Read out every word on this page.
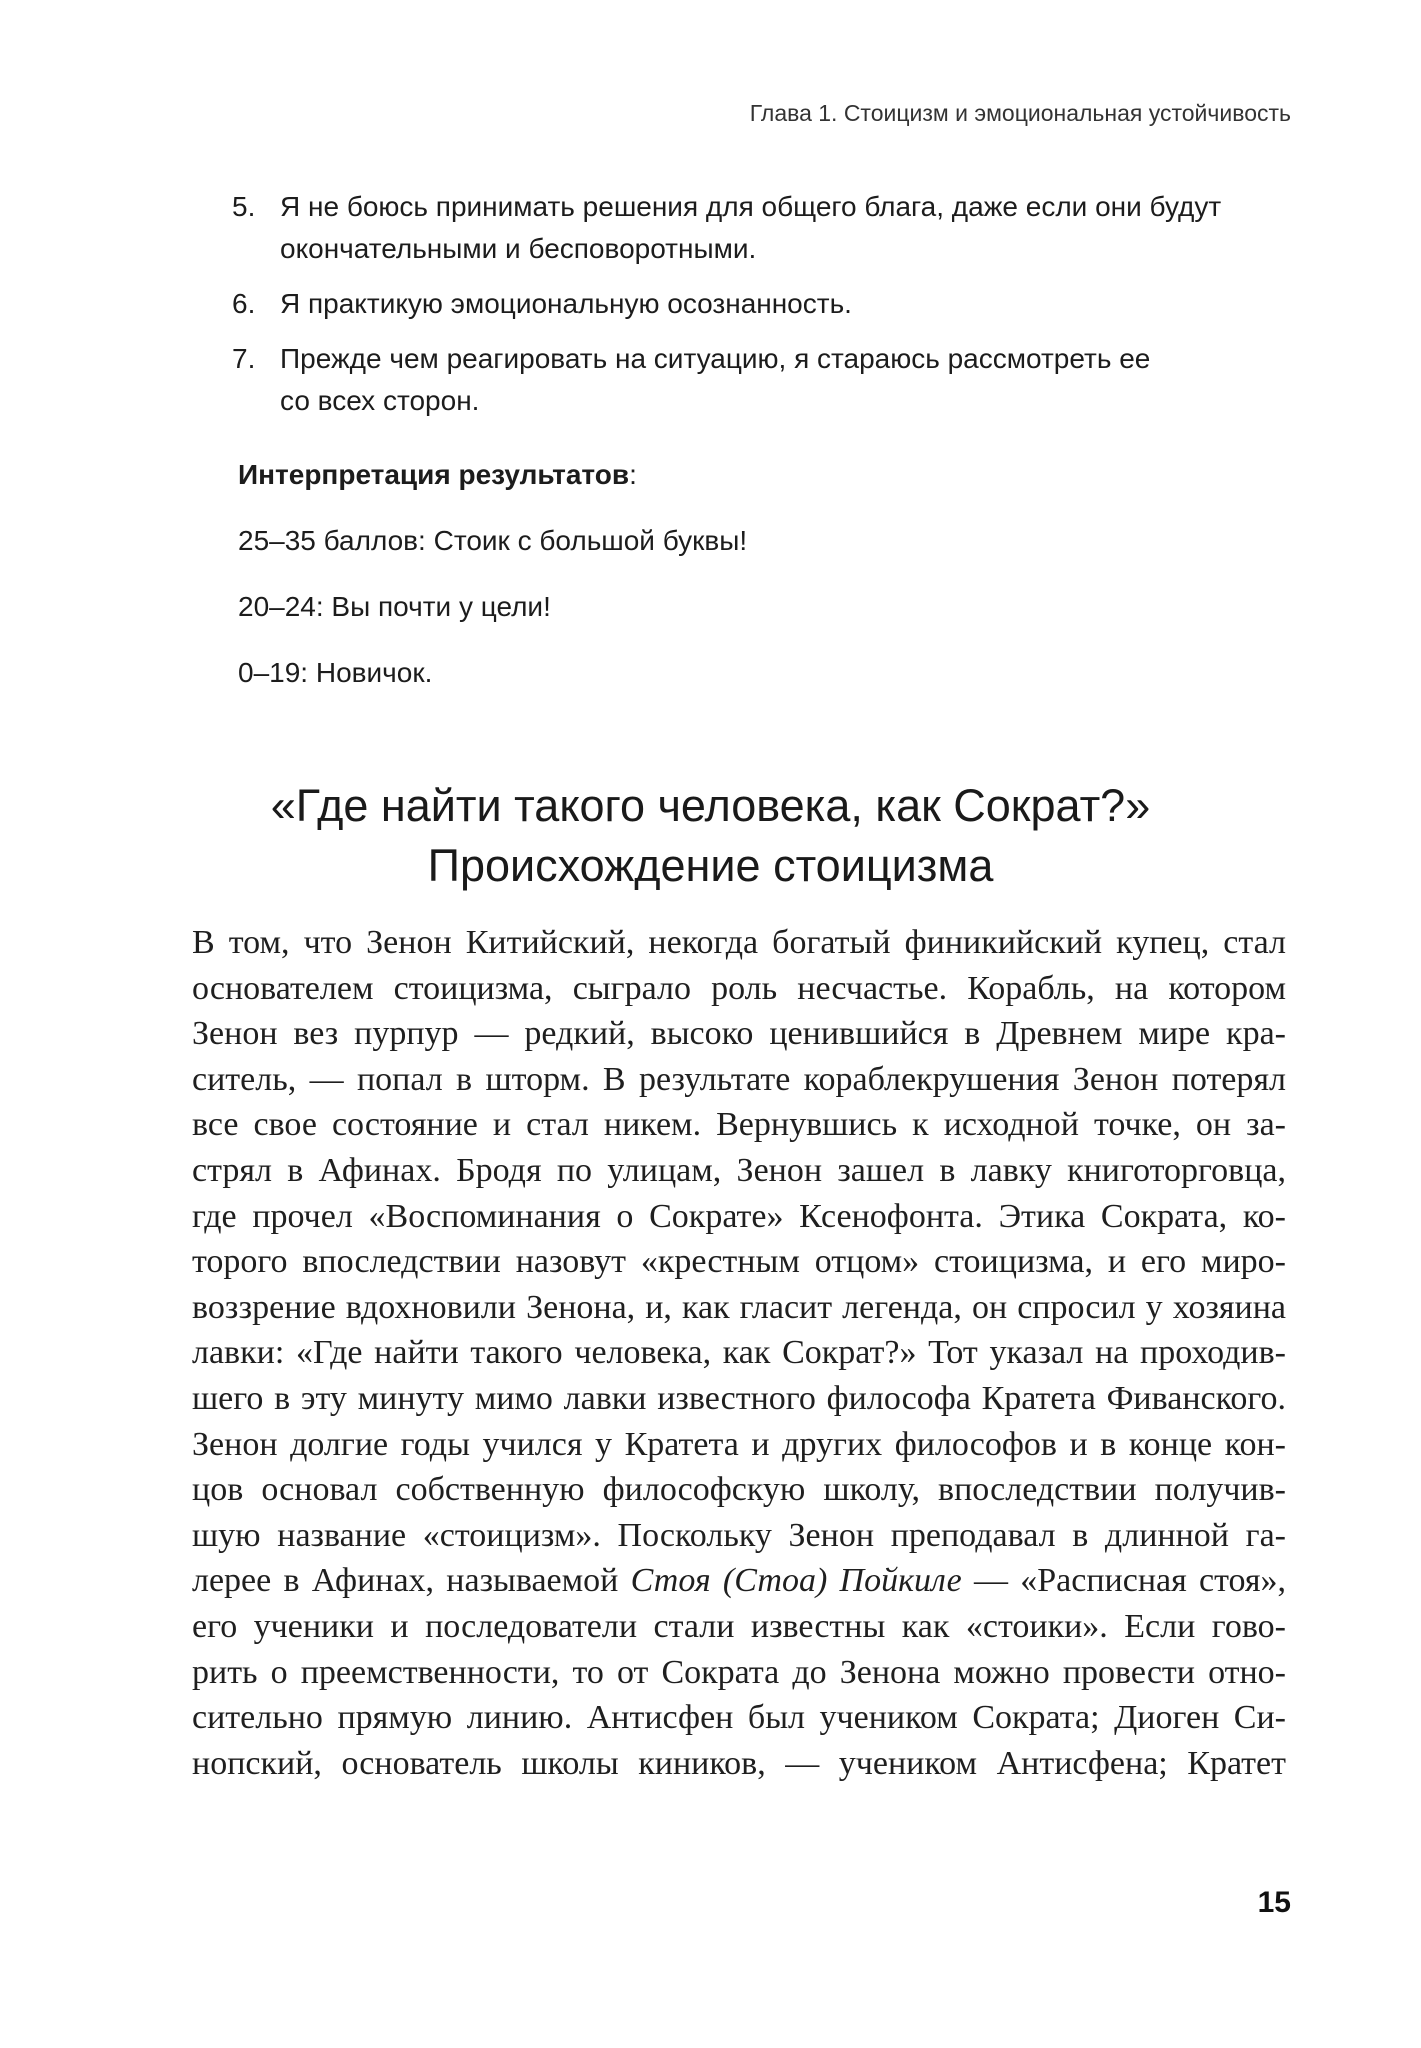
Глава 1. Стоицизм и эмоциональная устойчивость
5. Я не боюсь принимать решения для общего блага, даже если они будут
окончательными и бесповоротными.
6. Я практикую эмоциональную осознанность.
7. Прежде чем реагировать на ситуацию, я стараюсь рассмотреть ее
со всех сторон.

Интерпретация результатов:

25–35 баллов: Стоик с большой буквы!

20–24: Вы почти у цели!

0–19: Новичок.

«Где найти такого человека, как Сократ?»
Происхождение стоицизма
В том, что Зенон Китийский, некогда богатый финикийский купец, стал
основателем стоицизма, сыграло роль несчастье. Корабль, на котором
Зенон вез пурпур — редкий, высоко ценившийся в Древнем мире кра-
ситель, — попал в шторм. В результате кораблекрушения Зенон потерял
все свое состояние и стал никем. Вернувшись к исходной точке, он за-
стрял в Афинах. Бродя по улицам, Зенон зашел в лавку книготорговца,
где прочел «Воспоминания о Сократе» Ксенофонта. Этика Сократа, ко-
торого впоследствии назовут «крестным отцом» стоицизма, и его миро-
воззрение вдохновили Зенона, и, как гласит легенда, он спросил у хозяина
лавки: «Где найти такого человека, как Сократ?» Тот указал на проходив-
шего в эту минуту мимо лавки известного философа Кратета Фиванского.
Зенон долгие годы учился у Кратета и других философов и в конце кон-
цов основал собственную философскую школу, впоследствии получив-
шую название «стоицизм». Поскольку Зенон преподавал в длинной га-
лерее в Афинах, называемой Стоя (Стоа) Пойкиле — «Расписная стоя»,
его ученики и последователи стали известны как «стоики». Если гово-
рить о преемственности, то от Сократа до Зенона можно провести отно-
сительно прямую линию. Антисфен был учеником Сократа; Диоген Си-
нопский, основатель школы киников, — учеником Антисфена; Кратет
15
